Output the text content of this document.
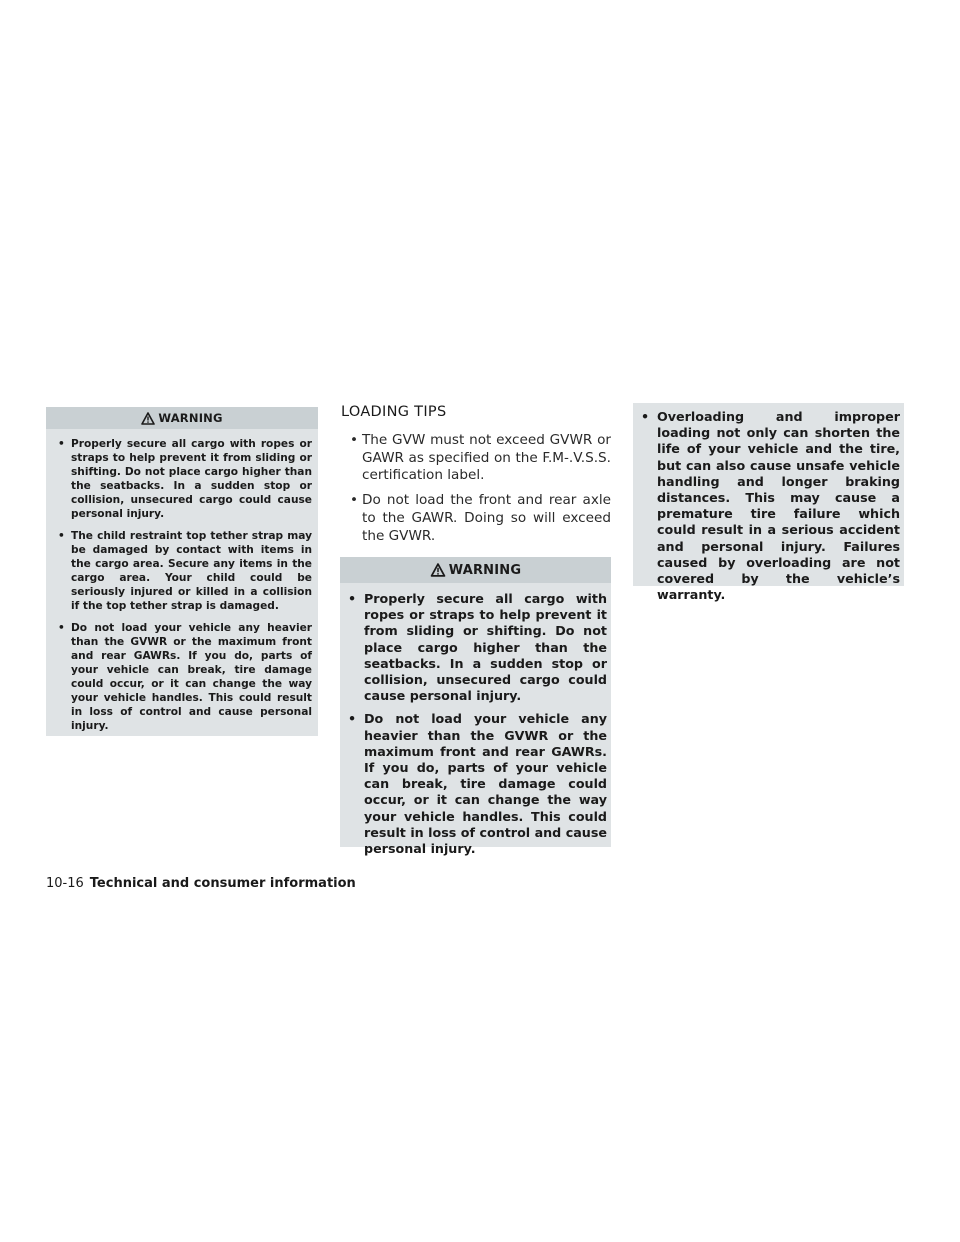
WARNING
• Properly secure all cargo with ropes or straps to help prevent it from sliding or shifting. Do not place cargo higher than the seatbacks. In a sudden stop or collision, unsecured cargo could cause personal injury.
• The child restraint top tether strap may be damaged by contact with items in the cargo area. Secure any items in the cargo area. Your child could be seriously injured or killed in a collision if the top tether strap is damaged.
• Do not load your vehicle any heavier than the GVWR or the maximum front and rear GAWRs. If you do, parts of your vehicle can break, tire damage could occur, or it can change the way your vehicle handles. This could result in loss of control and cause personal injury.
LOADING TIPS
• The GVW must not exceed GVWR or GAWR as specified on the F.M-.V.S.S. certification label.
• Do not load the front and rear axle to the GAWR. Doing so will exceed the GVWR.
WARNING
• Properly secure all cargo with ropes or straps to help prevent it from sliding or shifting. Do not place cargo higher than the seatbacks. In a sudden stop or collision, unsecured cargo could cause personal injury.
• Do not load your vehicle any heavier than the GVWR or the maximum front and rear GAWRs. If you do, parts of your vehicle can break, tire damage could occur, or it can change the way your vehicle handles. This could result in loss of control and cause personal injury.
• Overloading and improper loading not only can shorten the life of your vehicle and the tire, but can also cause unsafe vehicle handling and longer braking distances. This may cause a premature tire failure which could result in a serious accident and personal injury. Failures caused by overloading are not covered by the vehicle’s warranty.
10-16 Technical and consumer information
